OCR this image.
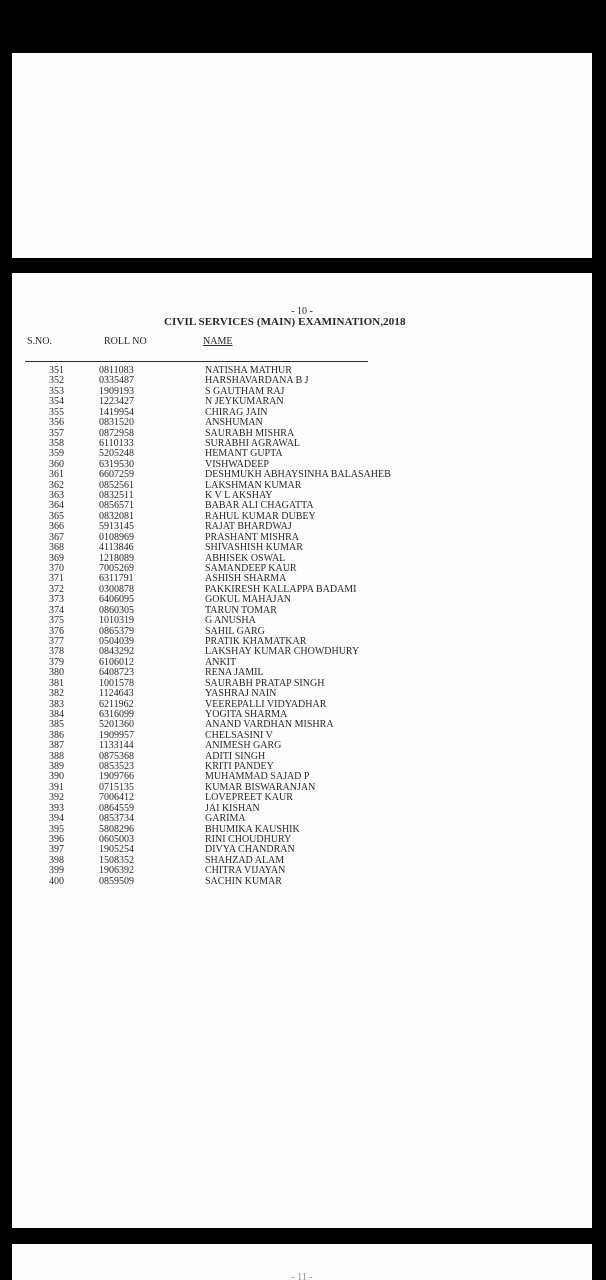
- 10 -
CIVIL SERVICES (MAIN) EXAMINATION,2018
S.NO.	ROLL NO	NAME
351	0811083	NATISHA MATHUR
352	0335487	HARSHAVARDANA B J
353	1909193	S GAUTHAM RAJ
354	1223427	N JEYKUMARAN
355	1419954	CHIRAG JAIN
356	0831520	ANSHUMAN
357	0872958	SAURABH MISHRA
358	6110133	SURABHI AGRAWAL
359	5205248	HEMANT GUPTA
360	6319530	VISHWADEEP
361	6607259	DESHMUKH ABHAYSINHA BALASAHEB
362	0852561	LAKSHMAN KUMAR
363	0832511	K V L AKSHAY
364	0856571	BABAR ALI CHAGATTA
365	0832081	RAHUL KUMAR DUBEY
366	5913145	RAJAT BHARDWAJ
367	0108969	PRASHANT MISHRA
368	4113846	SHIVASHISH KUMAR
369	1218089	ABHISEK OSWAL
370	7005269	SAMANDEEP KAUR
371	6311791	ASHISH SHARMA
372	0300878	PAKKIRESH KALLAPPA BADAMI
373	6406095	GOKUL MAHAJAN
374	0860305	TARUN TOMAR
375	1010319	G ANUSHA
376	0865379	SAHIL GARG
377	0504039	PRATIK KHAMATKAR
378	0843292	LAKSHAY KUMAR CHOWDHURY
379	6106012	ANKIT
380	6408723	RENA JAMIL
381	1001578	SAURABH PRATAP SINGH
382	1124643	YASHRAJ NAIN
383	6211962	VEEREPALLI VIDYADHAR
384	6316099	YOGITA SHARMA
385	5201360	ANAND VARDHAN MISHRA
386	1909957	CHELSASINI V
387	1133144	ANIMESH GARG
388	0875368	ADITI SINGH
389	0853523	KRITI PANDEY
390	1909766	MUHAMMAD SAJAD P
391	0715135	KUMAR BISWARANJAN
392	7006412	LOVEPREET KAUR
393	0864559	JAI KISHAN
394	0853734	GARIMA
395	5808296	BHUMIKA KAUSHIK
396	0605003	RINI CHOUDHURY
397	1905254	DIVYA CHANDRAN
398	1508352	SHAHZAD ALAM
399	1906392	CHITRA VIJAYAN
400	0859509	SACHIN KUMAR
- 11 -
